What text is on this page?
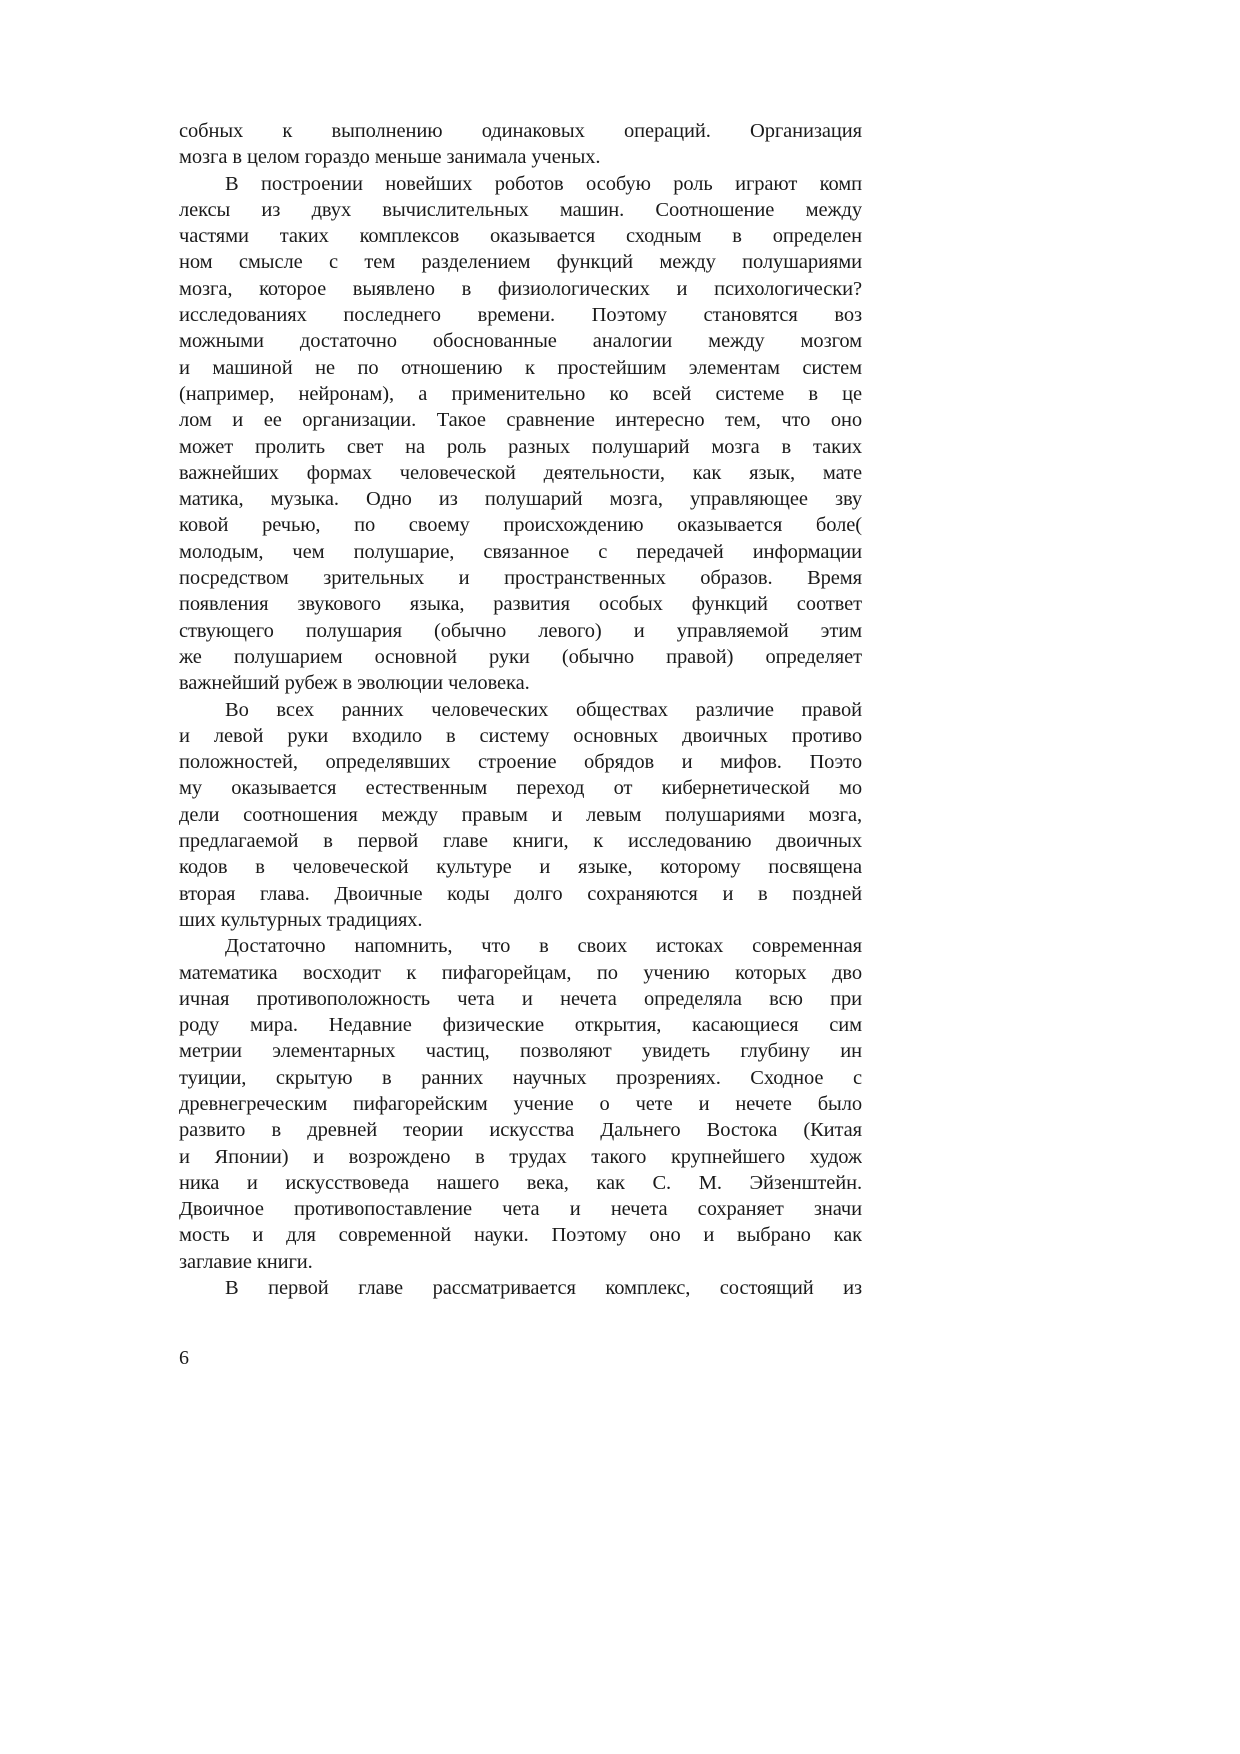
собных к выполнению одинаковых операций. Организация
мозга в целом гораздо меньше занимала ученых.
В построении новейших роботов особую роль играют комп
лексы из двух вычислительных машин. Соотношение между
частями таких комплексов оказывается сходным в определен
ном смысле с тем разделением функций между полушариями
мозга, которое выявлено в физиологических и психологически?
исследованиях последнего времени. Поэтому становятся воз
можными достаточно обоснованные аналогии между мозгом
и машиной не по отношению к простейшим элементам систем
(например, нейронам), а применительно ко всей системе в це
лом и ее организации. Такое сравнение интересно тем, что оно
может пролить свет на роль разных полушарий мозга в таких
важнейших формах человеческой деятельности, как язык, мате
матика, музыка. Одно из полушарий мозга, управляющее зву
ковой речью, по своему происхождению оказывается боле(
молодым, чем полушарие, связанное с передачей информации
посредством зрительных и пространственных образов. Время
появления звукового языка, развития особых функций соответ
ствующего полушария (обычно левого) и управляемой этим
же полушарием основной руки (обычно правой) определяет
важнейший рубеж в эволюции человека.
Во всех ранних человеческих обществах различие правой
и левой руки входило в систему основных двоичных противо
положностей, определявших строение обрядов и мифов. Поэто
му оказывается естественным переход от кибернетической мо
дели соотношения между правым и левым полушариями мозга,
предлагаемой в первой главе книги, к исследованию двоичных
кодов в человеческой культуре и языке, которому посвящена
вторая глава. Двоичные коды долго сохраняются и в поздней
ших культурных традициях.
Достаточно напомнить, что в своих истоках современная
математика восходит к пифагорейцам, по учению которых дво
ичная противоположность чета и нечета определяла всю при
роду мира. Недавние физические открытия, касающиеся сим
метрии элементарных частиц, позволяют увидеть глубину ин
туиции, скрытую в ранних научных прозрениях. Сходное с
древнегреческим пифагорейским учение о чете и нечете было
развито в древней теории искусства Дальнего Востока (Китая
и Японии) и возрождено в трудах такого крупнейшего худож
ника и искусствоведа нашего века, как С. М. Эйзенштейн.
Двоичное противопоставление чета и нечета сохраняет значи
мость и для современной науки. Поэтому оно и выбрано как
заглавие книги.
В первой главе рассматривается комплекс, состоящий из
6
